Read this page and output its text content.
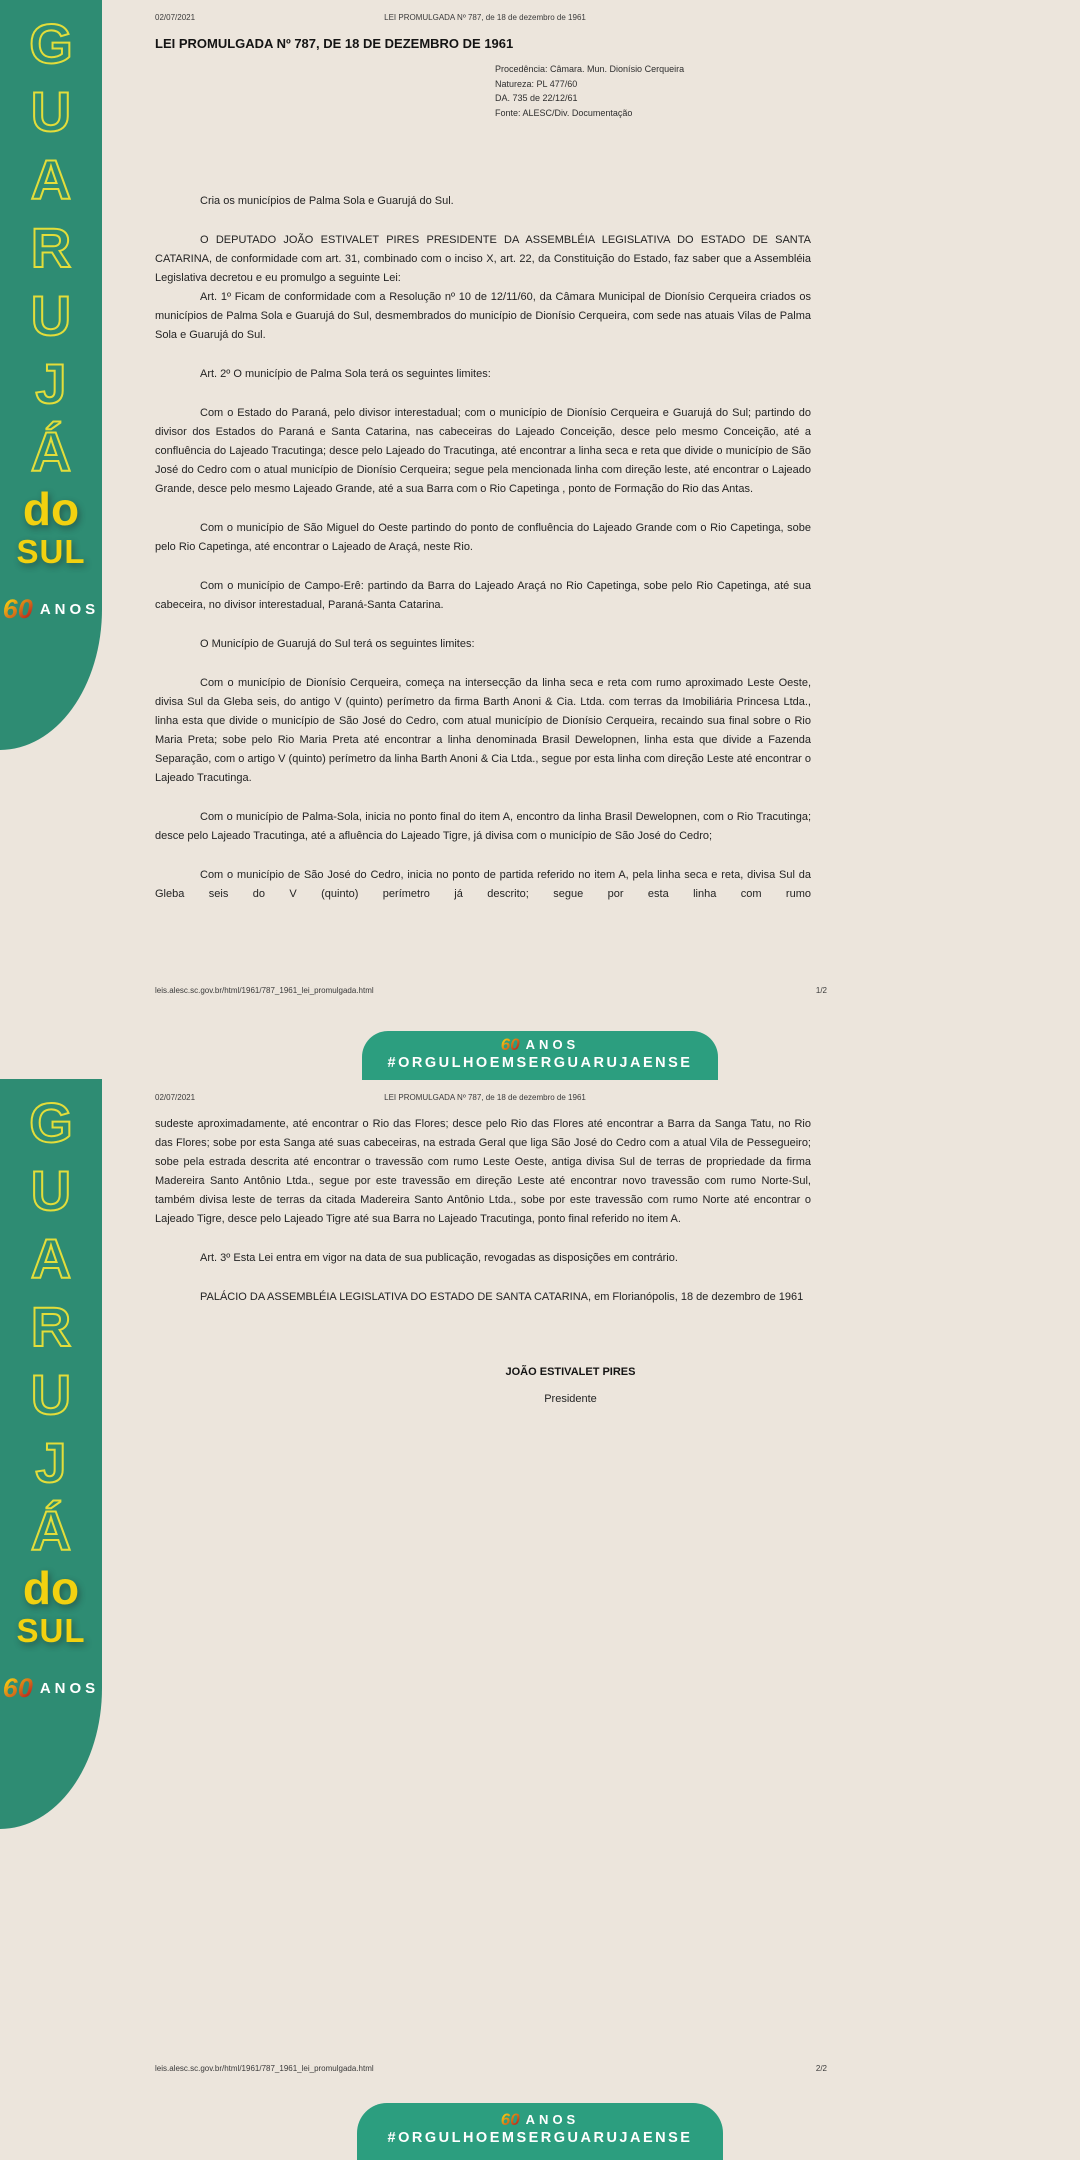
G
U
A
R
U
J
Á
do
SUL
60 ANOS
02/07/2021	LEI PROMULGADA Nº 787, de 18 de dezembro de 1961
LEI PROMULGADA Nº 787, DE 18 DE DEZEMBRO DE 1961
Procedência: Câmara. Mun. Dionísio Cerqueira
Natureza: PL 477/60
DA. 735 de 22/12/61
Fonte: ALESC/Div. Documentação

Cria os municípios de Palma Sola e Guarujá do Sul.

O DEPUTADO JOÃO ESTIVALET PIRES PRESIDENTE DA ASSEMBLÉIA LEGISLATIVA DO ESTADO DE SANTA CATARINA, de conformidade com art. 31, combinado com o inciso X, art. 22, da Constituição do Estado, faz saber que a Assembléia Legislativa decretou e eu promulgo a seguinte Lei:

Art. 1º Ficam de conformidade com a Resolução nº 10 de 12/11/60, da Câmara Municipal de Dionísio Cerqueira criados os municípios de Palma Sola e Guarujá do Sul, desmembrados do município de Dionísio Cerqueira, com sede nas atuais Vilas de Palma Sola e Guarujá do Sul.

Art. 2º O município de Palma Sola terá os seguintes limites:

Com o Estado do Paraná, pelo divisor interestadual; com o município de Dionísio Cerqueira e Guarujá do Sul; partindo do divisor dos Estados do Paraná e Santa Catarina, nas cabeceiras do Lajeado Conceição, desce pelo mesmo Conceição, até a confluência do Lajeado Tracutinga; desce pelo Lajeado do Tracutinga, até encontrar a linha seca e reta que divide o município de São José do Cedro com o atual município de Dionísio Cerqueira; segue pela mencionada linha com direção leste, até encontrar o Lajeado Grande, desce pelo mesmo Lajeado Grande, até a sua Barra com o Rio Capetinga , ponto de Formação do Rio das Antas.

Com o município de São Miguel do Oeste partindo do ponto de confluência do Lajeado Grande com o Rio Capetinga, sobe pelo Rio Capetinga, até encontrar o Lajeado de Araçá, neste Rio.

Com o município de Campo-Erê: partindo da Barra do Lajeado Araçá no Rio Capetinga, sobe pelo Rio Capetinga, até sua cabeceira, no divisor interestadual, Paraná-Santa Catarina.

O Município de Guarujá do Sul terá os seguintes limites:

Com o município de Dionísio Cerqueira, começa na intersecção da linha seca e reta com rumo aproximado Leste Oeste, divisa Sul da Gleba seis, do antigo V (quinto) perímetro da firma Barth Anoni & Cia. Ltda. com terras da Imobiliária Princesa Ltda., linha esta que divide o município de São José do Cedro, com atual município de Dionísio Cerqueira, recaindo sua final sobre o Rio Maria Preta; sobe pelo Rio Maria Preta até encontrar a linha denominada Brasil Dewelopnen, linha esta que divide a Fazenda Separação, com o artigo V (quinto) perímetro da linha Barth Anoni & Cia Ltda., segue por esta linha com direção Leste até encontrar o Lajeado Tracutinga.

Com o município de Palma-Sola, inicia no ponto final do item A, encontro da linha Brasil Dewelopnen, com o Rio Tracutinga; desce pelo Lajeado Tracutinga, até a afluência do Lajeado Tigre, já divisa com o município de São José do Cedro;

Com o município de São José do Cedro, inicia no ponto de partida referido no item A, pela linha seca e reta, divisa Sul da Gleba seis do V (quinto) perímetro já descrito; segue por esta linha com rumo

leis.alesc.sc.gov.br/html/1961/787_1961_lei_promulgada.html	1/2
60 ANOS
#ORGULHOEMSERGUARUJAENSE
G
U
A
R
U
J
Á
do
SUL
60 ANOS
02/07/2021	LEI PROMULGADA Nº 787, de 18 de dezembro de 1961

sudeste aproximadamente, até encontrar o Rio das Flores; desce pelo Rio das Flores até encontrar a Barra da Sanga Tatu, no Rio das Flores; sobe por esta Sanga até suas cabeceiras, na estrada Geral que liga São José do Cedro com a atual Vila de Pessegueiro; sobe pela estrada descrita até encontrar o travessão com rumo Leste Oeste, antiga divisa Sul de terras de propriedade da firma Madereira Santo Antônio Ltda., segue por este travessão em direção Leste até encontrar novo travessão com rumo Norte-Sul, também divisa leste de terras da citada Madereira Santo Antônio Ltda., sobe por este travessão com rumo Norte até encontrar o Lajeado Tigre, desce pelo Lajeado Tigre até sua Barra no Lajeado Tracutinga, ponto final referido no item A.

Art. 3º Esta Lei entra em vigor na data de sua publicação, revogadas as disposições em contrário.

PALÁCIO DA ASSEMBLÉIA LEGISLATIVA DO ESTADO DE SANTA CATARINA, em Florianópolis, 18 de dezembro de 1961

JOÃO ESTIVALET PIRES
Presidente
leis.alesc.sc.gov.br/html/1961/787_1961_lei_promulgada.html	2/2
60 ANOS
#ORGULHOEMSERGUARUJAENSE
